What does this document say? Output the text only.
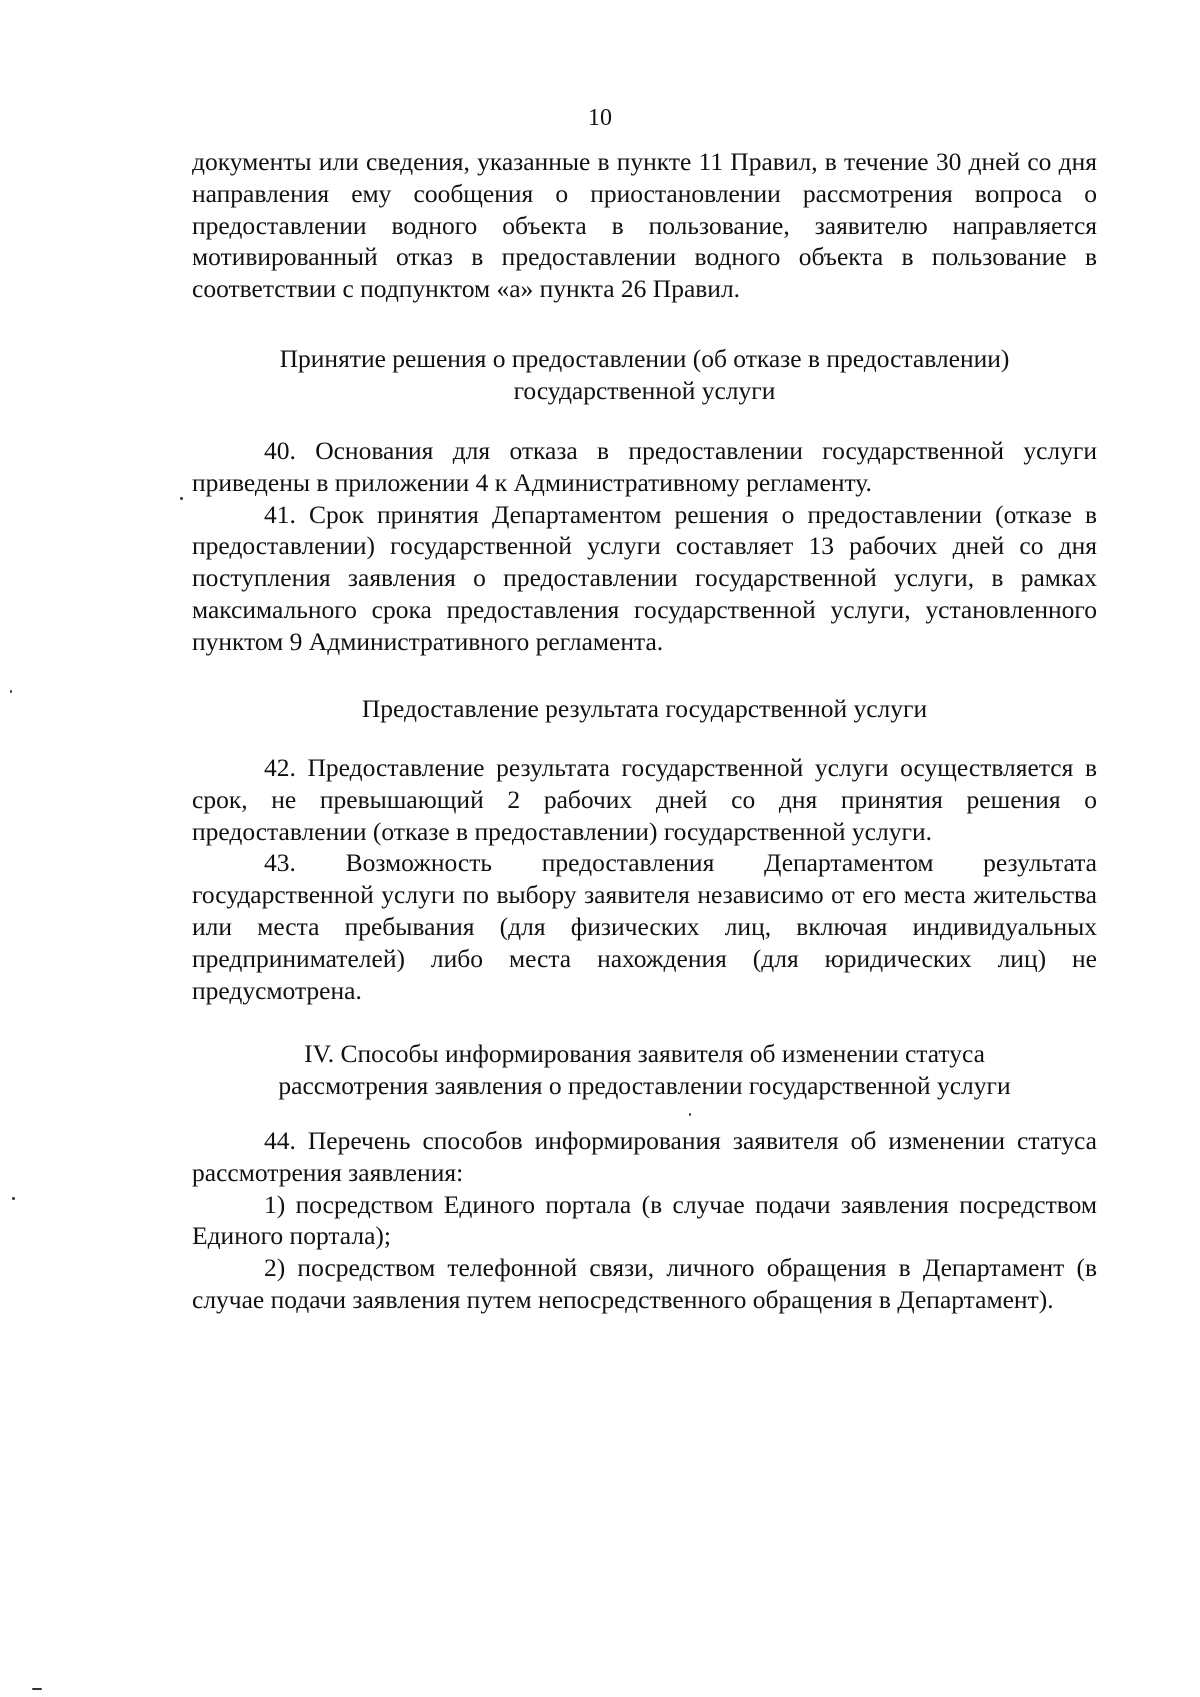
10

документы или сведения, указанные в пункте 11 Правил, в течение 30 дней со дня направления ему сообщения о приостановлении рассмотрения вопроса о предоставлении водного объекта в пользование, заявителю направляется мотивированный отказ в предоставлении водного объекта в пользование в соответствии с подпунктом «а» пункта 26 Правил.

Принятие решения о предоставлении (об отказе в предоставлении)
государственной услуги

40. Основания для отказа в предоставлении государственной услуги приведены в приложении 4 к Административному регламенту.

41. Срок принятия Департаментом решения о предоставлении (отказе в предоставлении) государственной услуги составляет 13 рабочих дней со дня поступления заявления о предоставлении государственной услуги, в рамках максимального срока предоставления государственной услуги, установленного пунктом 9 Административного регламента.

Предоставление результата государственной услуги

42. Предоставление результата государственной услуги осуществляется в срок, не превышающий 2 рабочих дней со дня принятия решения о предоставлении (отказе в предоставлении) государственной услуги.

43. Возможность предоставления Департаментом результата государственной услуги по выбору заявителя независимо от его места жительства или места пребывания (для физических лиц, включая индивидуальных предпринимателей) либо места нахождения (для юридических лиц) не предусмотрена.

IV. Способы информирования заявителя об изменении статуса
рассмотрения заявления о предоставлении государственной услуги

44. Перечень способов информирования заявителя об изменении статуса рассмотрения заявления:

1) посредством Единого портала (в случае подачи заявления посредством Единого портала);

2) посредством телефонной связи, личного обращения в Департамент (в случае подачи заявления путем непосредственного обращения в Департамент).
